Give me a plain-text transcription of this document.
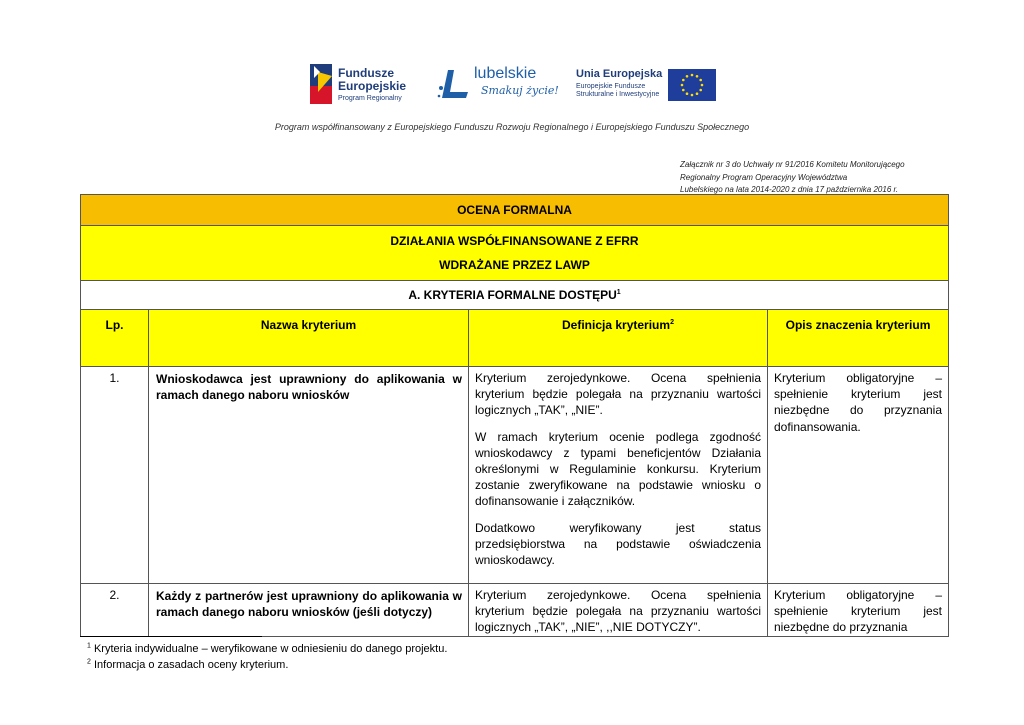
Fundusze
Europejskie
Program Regionalny
lubelskie
Smakuj życie!
Unia Europejska
Europejskie Fundusze
Strukturalne i Inwestycyjne
Program współfinansowany z Europejskiego Funduszu Rozwoju Regionalnego i Europejskiego Funduszu Społecznego
Załącznik nr 3 do Uchwały nr 91/2016 Komitetu Monitorującego
Regionalny Program Operacyjny Województwa
Lubelskiego na lata 2014-2020 z dnia 17 października 2016 r.
OCENA FORMALNA			

DZIAŁANIA WSPÓŁFINANSOWANE Z EFRR
WDRAŻANE PRZEZ LAWP			

A. KRYTERIA FORMALNE DOSTĘPU$^1$
Lp.	Nazwa kryterium	Definicja kryterium$^2$	Opis znaczenia kryterium
1.	Wnioskodawca jest uprawniony do aplikowania w ramach danego naboru wniosków	Kryterium zerojedynkowe. Ocena spełnienia kryterium będzie polegała na przyznaniu wartości logicznych „TAK”, „NIE”.

W ramach kryterium ocenie podlega zgodność wnioskodawcy z typami beneficjentów Działania określonymi w Regulaminie konkursu. Kryterium zostanie zweryfikowane na podstawie wniosku o dofinansowanie i załączników.

Dodatkowo weryfikowany jest status przedsiębiorstwa na podstawie oświadczenia wnioskodawcy.	Kryterium obligatoryjne – spełnienie kryterium jest niezbędne do przyznania dofinansowania.
2.	Każdy z partnerów jest uprawniony do aplikowania w ramach danego naboru wniosków (jeśli dotyczy)	Kryterium zerojedynkowe. Ocena spełnienia kryterium będzie polegała na przyznaniu wartości logicznych „TAK”, „NIE”, ,,NIE DOTYCZY”.	Kryterium obligatoryjne – spełnienie kryterium jest niezbędne do przyznania
$^1$ Kryteria indywidualne – weryfikowane w odniesieniu do danego projektu.
$^2$ Informacja o zasadach oceny kryterium.
